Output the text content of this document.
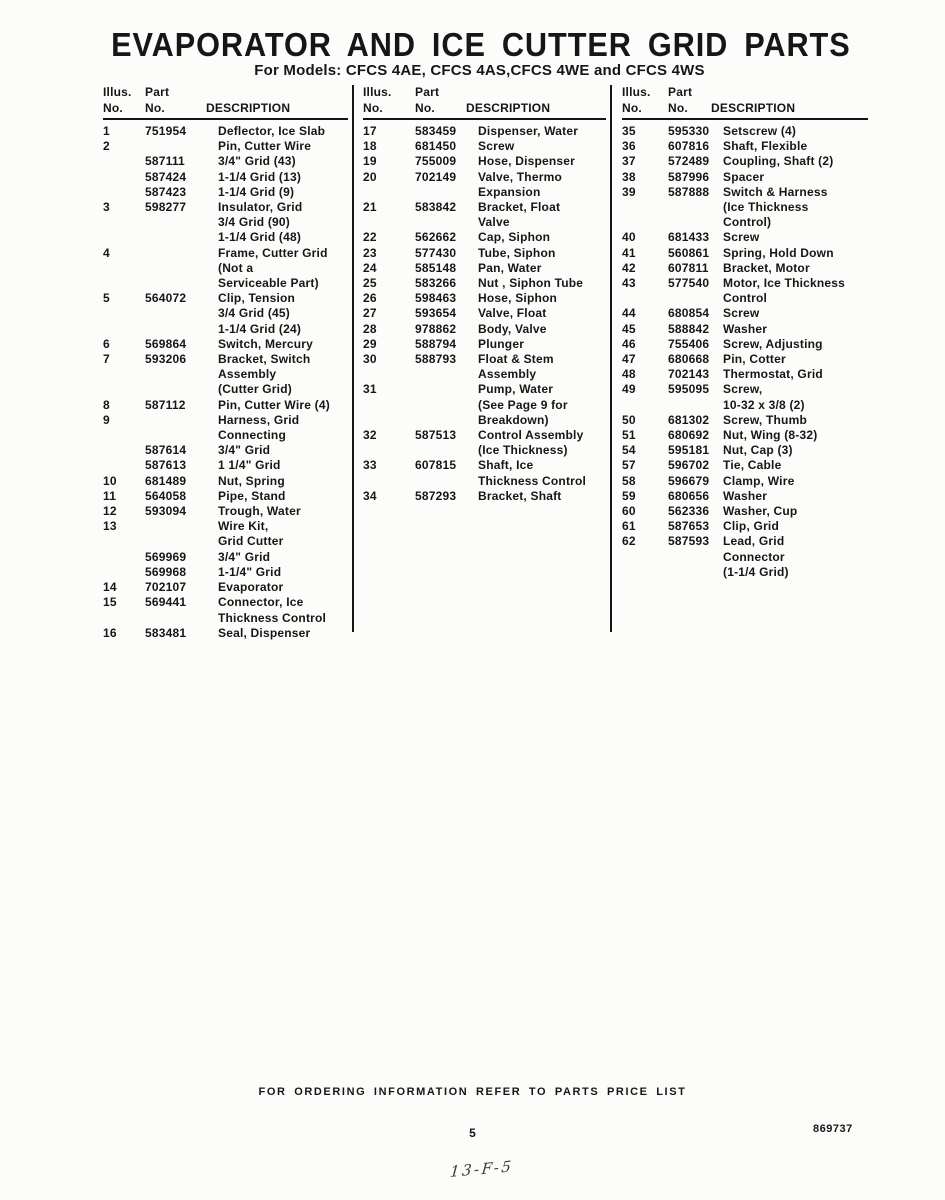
EVAPORATOR AND ICE CUTTER GRID PARTS
For Models: CFCS 4AE, CFCS 4AS,CFCS 4WE and CFCS 4WS
Illus.	Part
No.	No.	DESCRIPTION
1	751954	Deflector, Ice Slab
2	Pin, Cutter Wire
587111	3/4" Grid (43)
587424	1-1/4 Grid (13)
587423	1-1/4 Grid (9)
3	598277	Insulator, Grid
3/4 Grid (90)
1-1/4 Grid (48)
4	Frame, Cutter Grid
(Not a
Serviceable Part)
5	564072	Clip, Tension
3/4 Grid (45)
1-1/4 Grid (24)
6	569864	Switch, Mercury
7	593206	Bracket, Switch
Assembly
(Cutter Grid)
8	587112	Pin, Cutter Wire (4)
9	Harness, Grid
Connecting
587614	3/4" Grid
587613	1 1/4" Grid
10	681489	Nut, Spring
11	564058	Pipe, Stand
12	593094	Trough, Water
13	Wire Kit,
Grid Cutter
569969	3/4" Grid
569968	1-1/4" Grid
14	702107	Evaporator
15	569441	Connector, Ice
Thickness Control
16	583481	Seal, Dispenser
Illus.	Part
No.	No.	DESCRIPTION
17	583459	Dispenser, Water
18	681450	Screw
19	755009	Hose, Dispenser
20	702149	Valve, Thermo
Expansion
21	583842	Bracket, Float
Valve
22	562662	Cap, Siphon
23	577430	Tube, Siphon
24	585148	Pan, Water
25	583266	Nut , Siphon Tube
26	598463	Hose, Siphon
27	593654	Valve, Float
28	978862	Body, Valve
29	588794	Plunger
30	588793	Float & Stem
Assembly
31	Pump, Water
(See Page 9 for
Breakdown)
32	587513	Control Assembly
(Ice Thickness)
33	607815	Shaft, Ice
Thickness Control
34	587293	Bracket, Shaft
Illus.	Part
No.	No.	DESCRIPTION
35	595330	Setscrew (4)
36	607816	Shaft, Flexible
37	572489	Coupling, Shaft (2)
38	587996	Spacer
39	587888	Switch & Harness
(Ice Thickness
Control)
40	681433	Screw
41	560861	Spring, Hold Down
42	607811	Bracket, Motor
43	577540	Motor, Ice Thickness
Control
44	680854	Screw
45	588842	Washer
46	755406	Screw, Adjusting
47	680668	Pin, Cotter
48	702143	Thermostat, Grid
49	595095	Screw,
10-32 x 3/8 (2)
50	681302	Screw, Thumb
51	680692	Nut, Wing (8-32)
54	595181	Nut, Cap (3)
57	596702	Tie, Cable
58	596679	Clamp, Wire
59	680656	Washer
60	562336	Washer, Cup
61	587653	Clip, Grid
62	587593	Lead, Grid
Connector
(1-1/4 Grid)
FOR ORDERING INFORMATION REFER TO PARTS PRICE LIST
5	869737
13-F-5
